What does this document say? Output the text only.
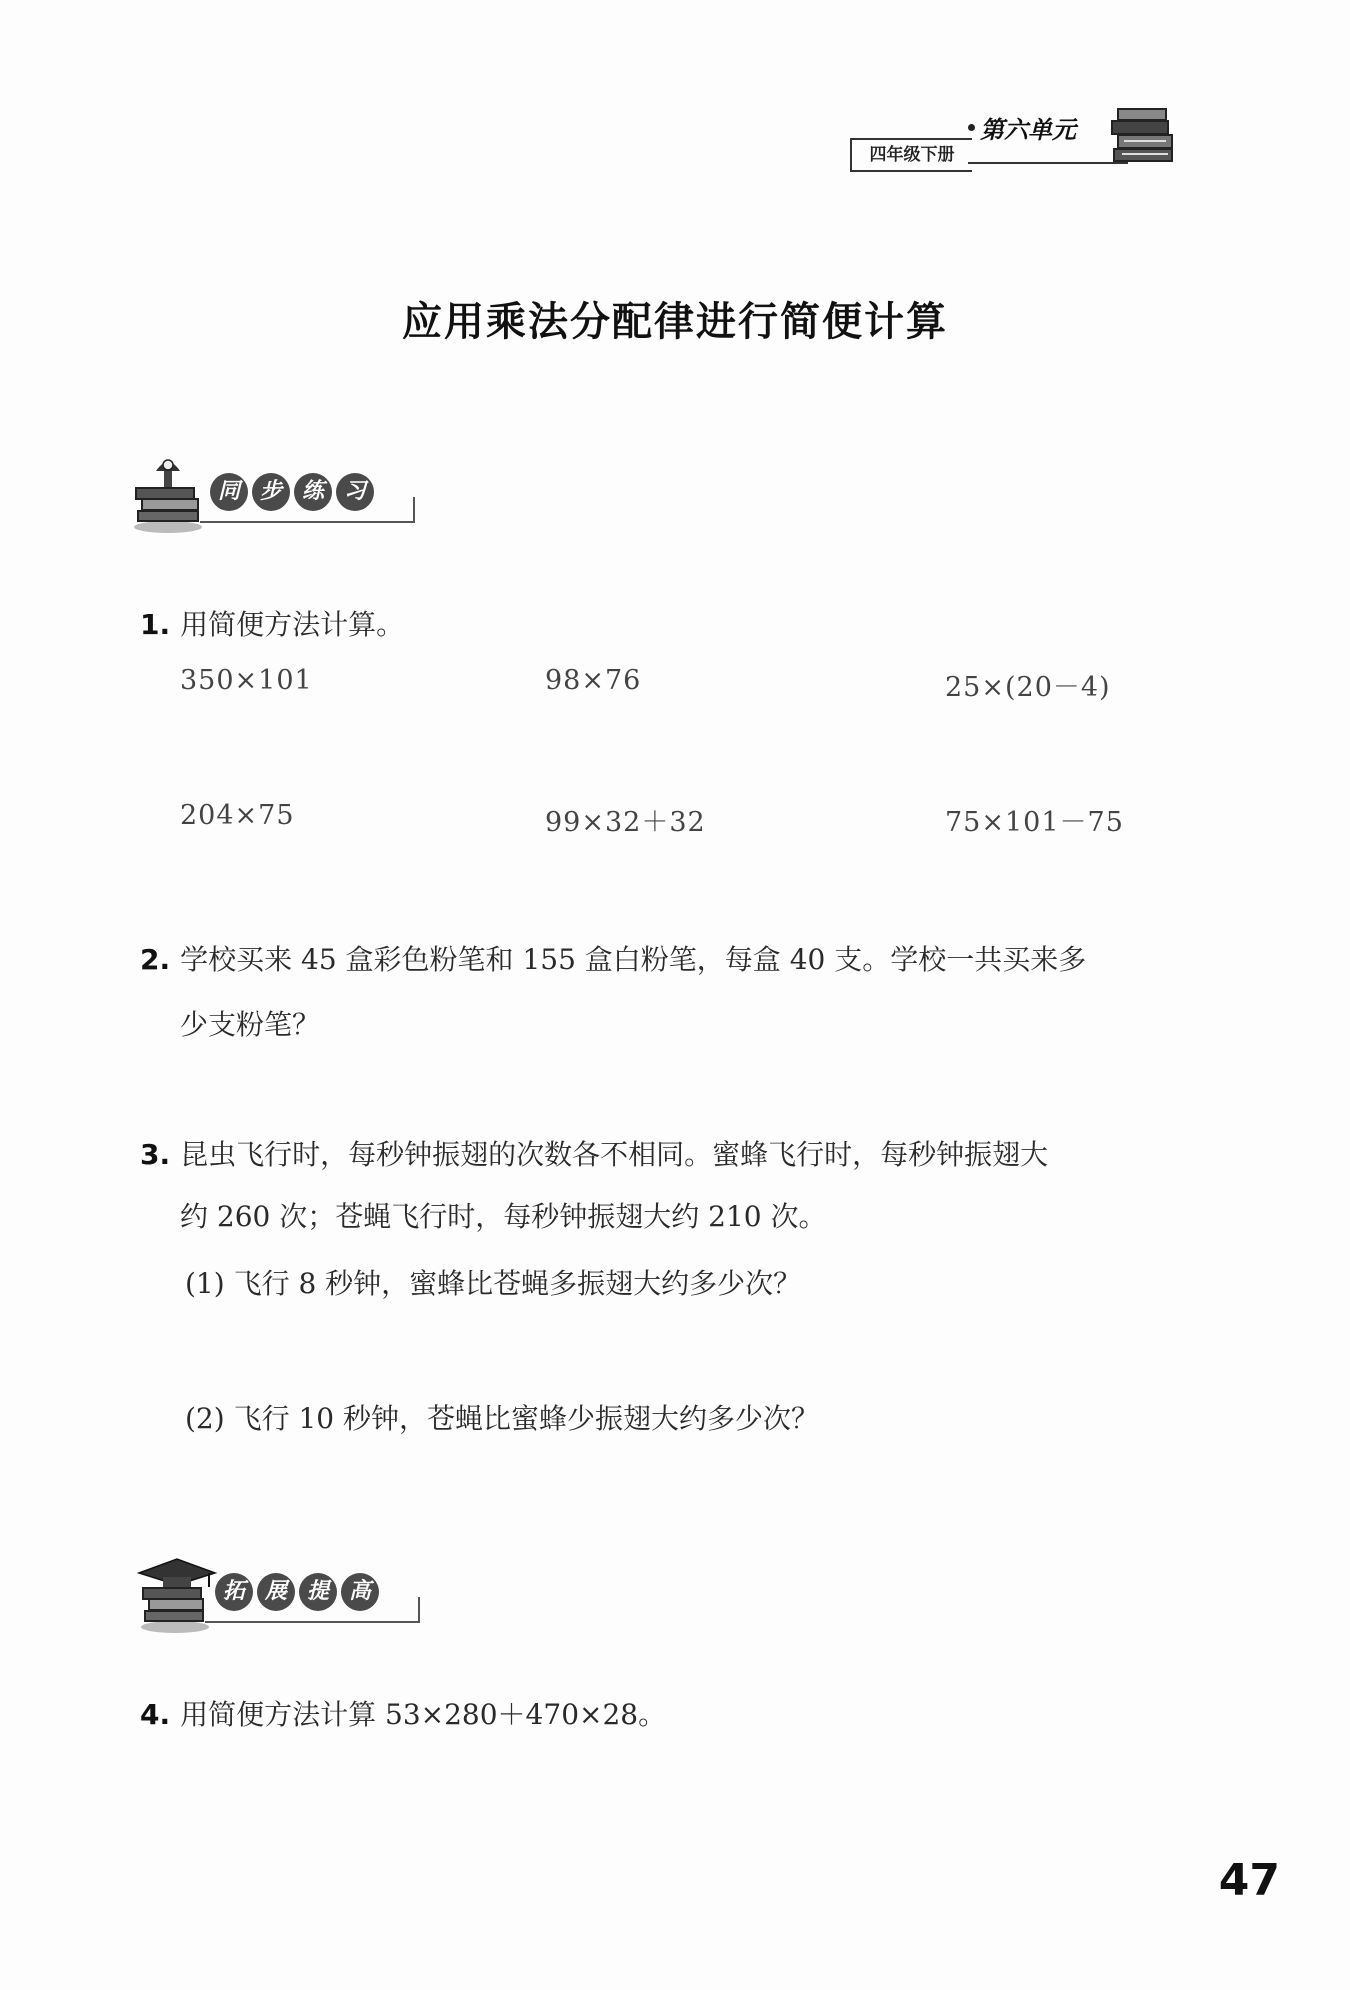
四年级下册
第六单元
应用乘法分配律进行简便计算
同 步 练 习
1. 用简便方法计算。
350×101	98×76	25×(20－4)
204×75	99×32＋32	75×101－75
2. 学校买来 45 盒彩色粉笔和 155 盒白粉笔，每盒 40 支。学校一共买来多
少支粉笔？
3. 昆虫飞行时，每秒钟振翅的次数各不相同。蜜蜂飞行时，每秒钟振翅大
约 260 次；苍蝇飞行时，每秒钟振翅大约 210 次。
(1) 飞行 8 秒钟，蜜蜂比苍蝇多振翅大约多少次？
(2) 飞行 10 秒钟，苍蝇比蜜蜂少振翅大约多少次？
拓 展 提 高
4. 用简便方法计算 53×280＋470×28。
47
